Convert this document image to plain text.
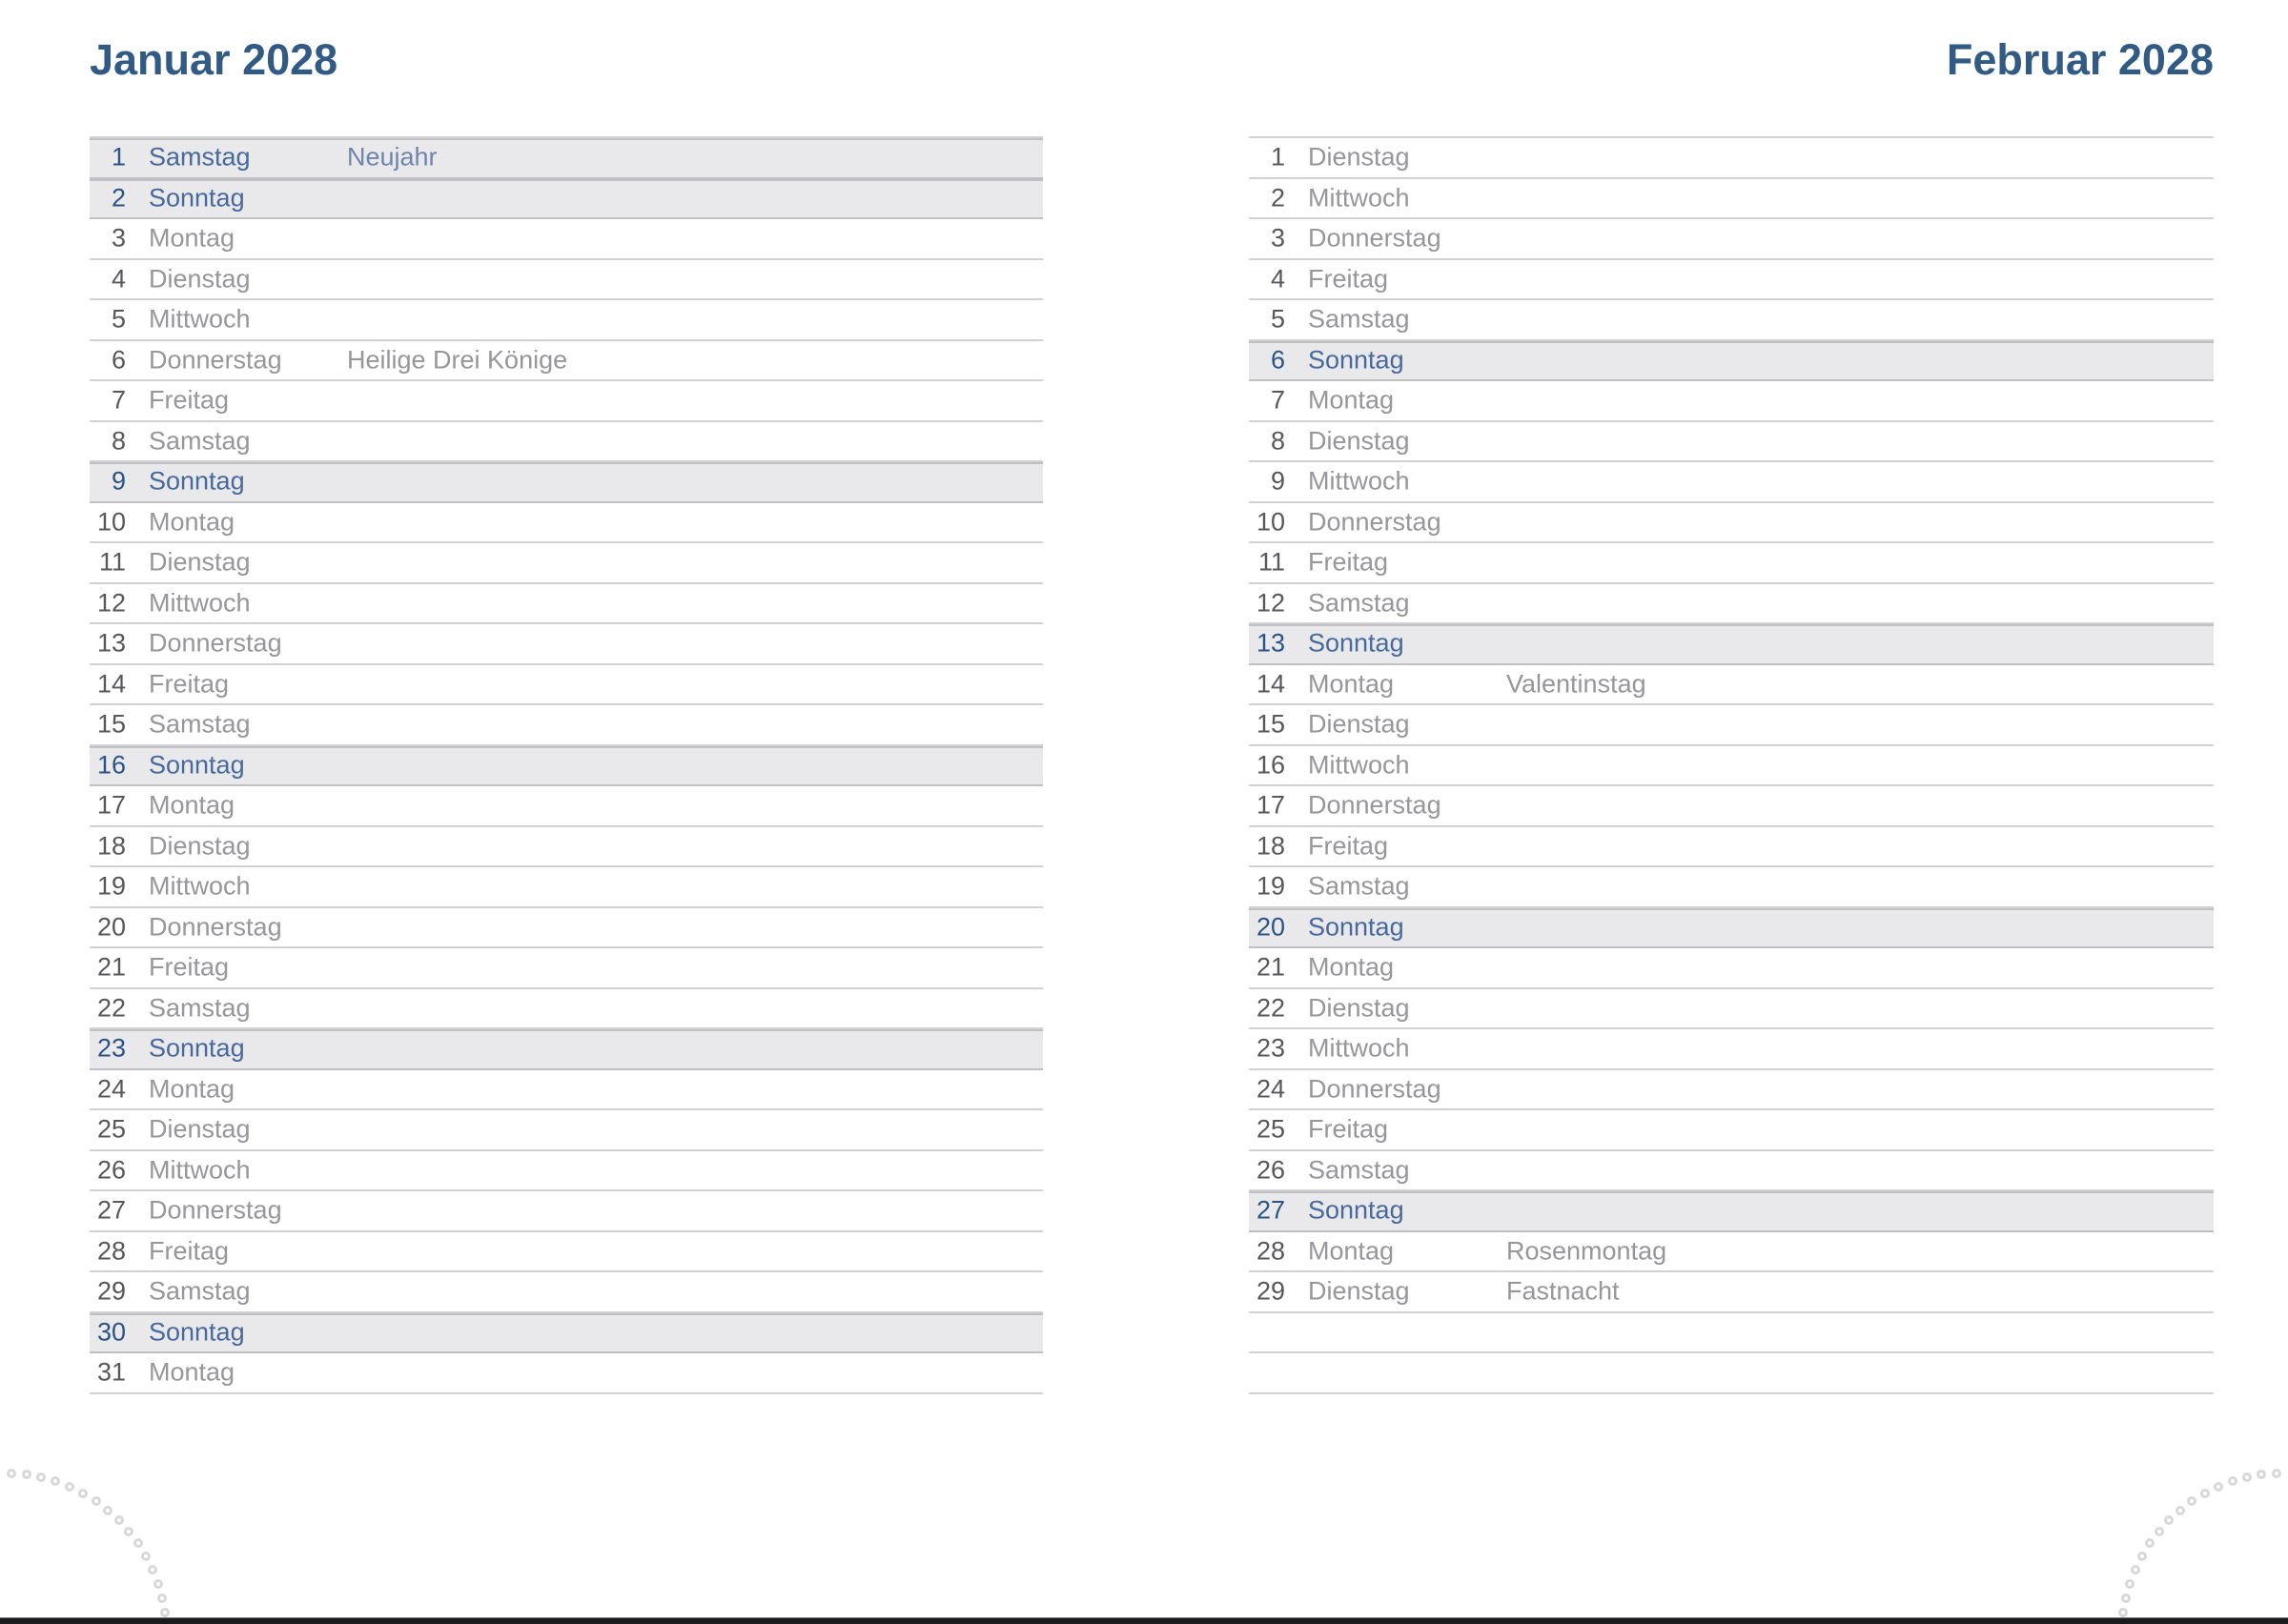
Januar 2028	Februar 2028
1 Samstag	Neujahr
2 Sonntag
3 Montag
4 Dienstag
5 Mittwoch
6 Donnerstag	Heilige Drei Könige
7 Freitag
8 Samstag
9 Sonntag
10 Montag
11 Dienstag
12 Mittwoch
13 Donnerstag
14 Freitag
15 Samstag
16 Sonntag
17 Montag
18 Dienstag
19 Mittwoch
20 Donnerstag
21 Freitag
22 Samstag
23 Sonntag
24 Montag
25 Dienstag
26 Mittwoch
27 Donnerstag
28 Freitag
29 Samstag
30 Sonntag
31 Montag
1 Dienstag
2 Mittwoch
3 Donnerstag
4 Freitag
5 Samstag
6 Sonntag
7 Montag
8 Dienstag
9 Mittwoch
10 Donnerstag
11 Freitag
12 Samstag
13 Sonntag
14 Montag	Valentinstag
15 Dienstag
16 Mittwoch
17 Donnerstag
18 Freitag
19 Samstag
20 Sonntag
21 Montag
22 Dienstag
23 Mittwoch
24 Donnerstag
25 Freitag
26 Samstag
27 Sonntag
28 Montag	Rosenmontag
29 Dienstag	Fastnacht
